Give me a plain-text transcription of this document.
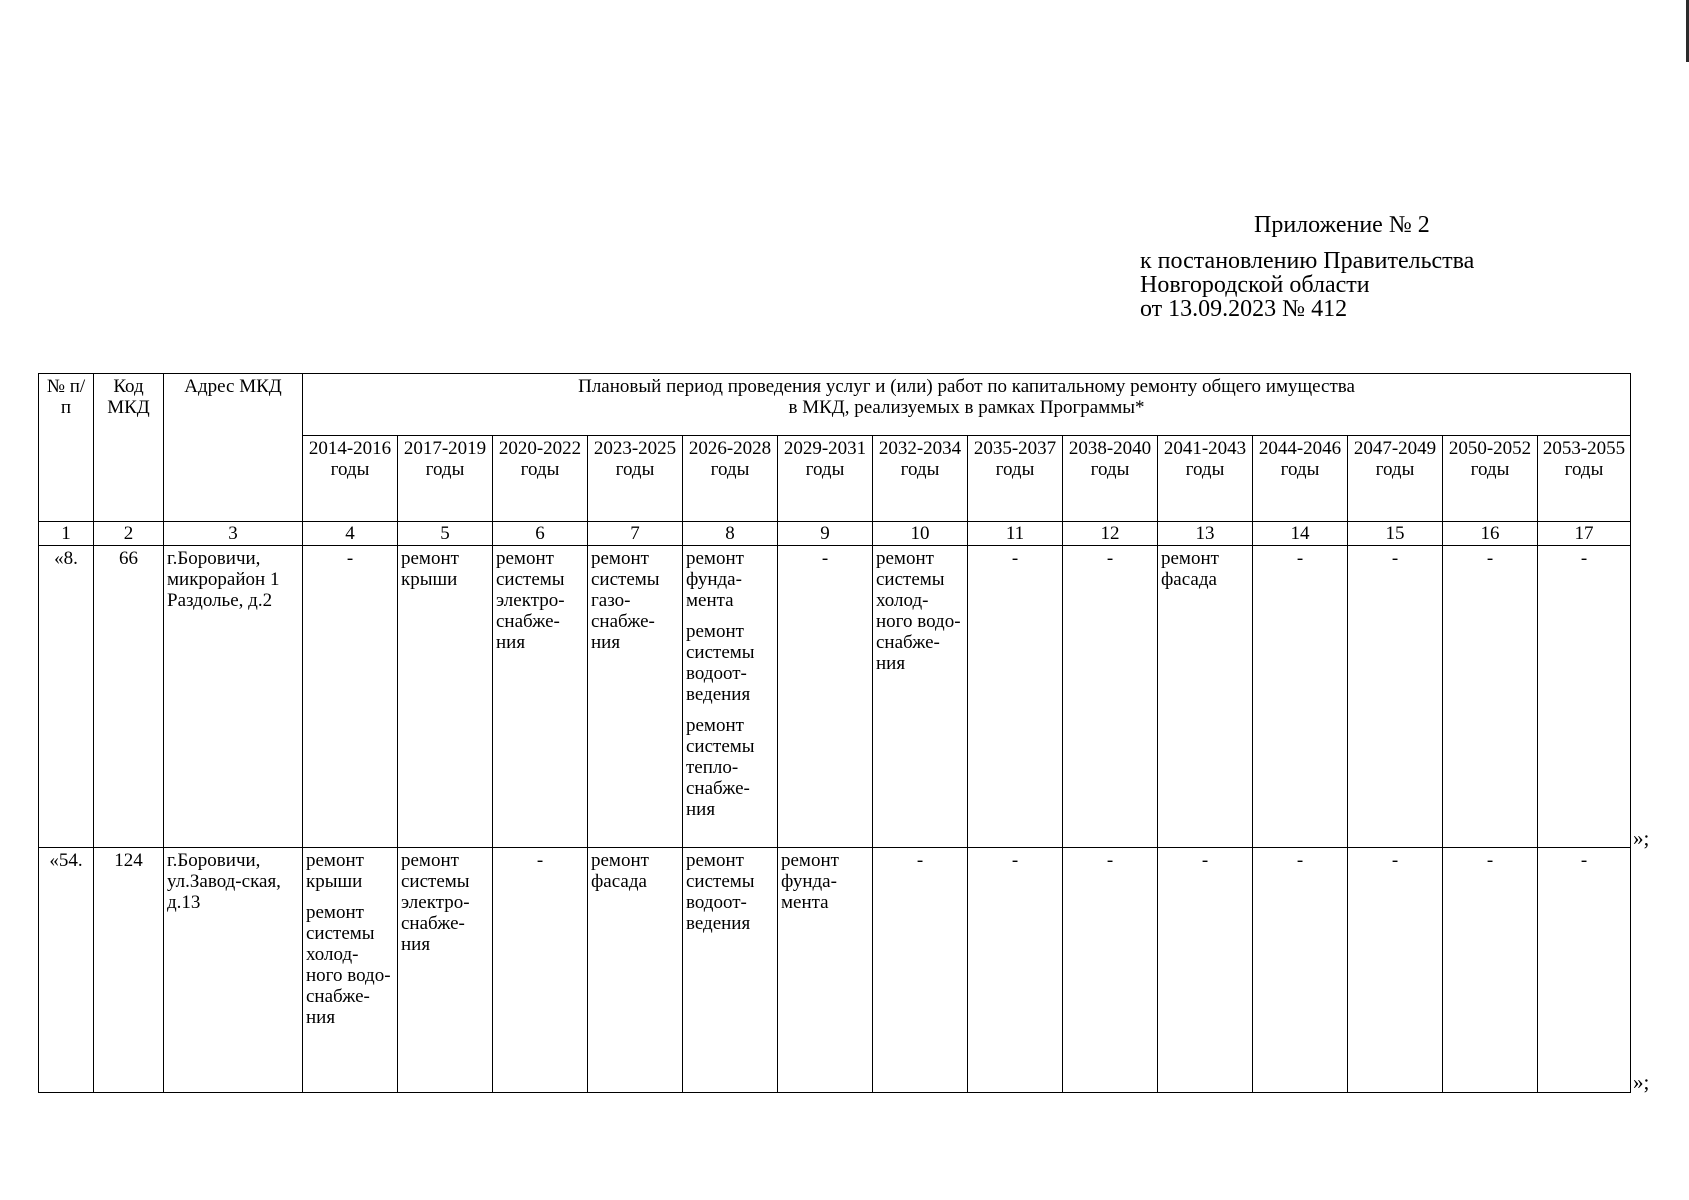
Приложение № 2
к постановлению Правительства
Новгородской области
от 13.09.2023 № 412
№ п/п	Код МКД	Адрес МКД	Плановый период проведения услуг и (или) работ по капитальному ремонту общего имущества
в МКД, реализуемых в рамках Программы*													

			2014-2016 годы	2017-2019 годы	2020-2022 годы	2023-2025 годы	2026-2028 годы	2029-2031 годы	2032-2034 годы	2035-2037 годы	2038-2040 годы	2041-2043 годы	2044-2046 годы	2047-2049 годы	2050-2052 годы	2053-2055 годы
1	2	3	4	5	6	7	8	9	10	11	12	13	14	15	16	17
«8.	66	г.Боровичи, микрорайон 1 Раздолье, д.2	-	ремонт крыши	ремонт системы электро-снабже-ния	ремонт системы газо-снабже-ния	ремонт фунда-мента
ремонт системы водоот-ведения
ремонт системы тепло-снабже-ния	-	ремонт системы холод-ного водо-снабже-ния	-	-	ремонт фасада	-	-	-	-

«54.	124	г.Боровичи, ул.Завод-ская, д.13	ремонт крыши
ремонт системы холод-ного водо-снабже-ния	ремонт системы электро-снабже-ния	-	ремонт фасада	ремонт системы водоот-ведения	ремонт фунда-мента	-	-	-	-	-	-	-	-
»;
»;
